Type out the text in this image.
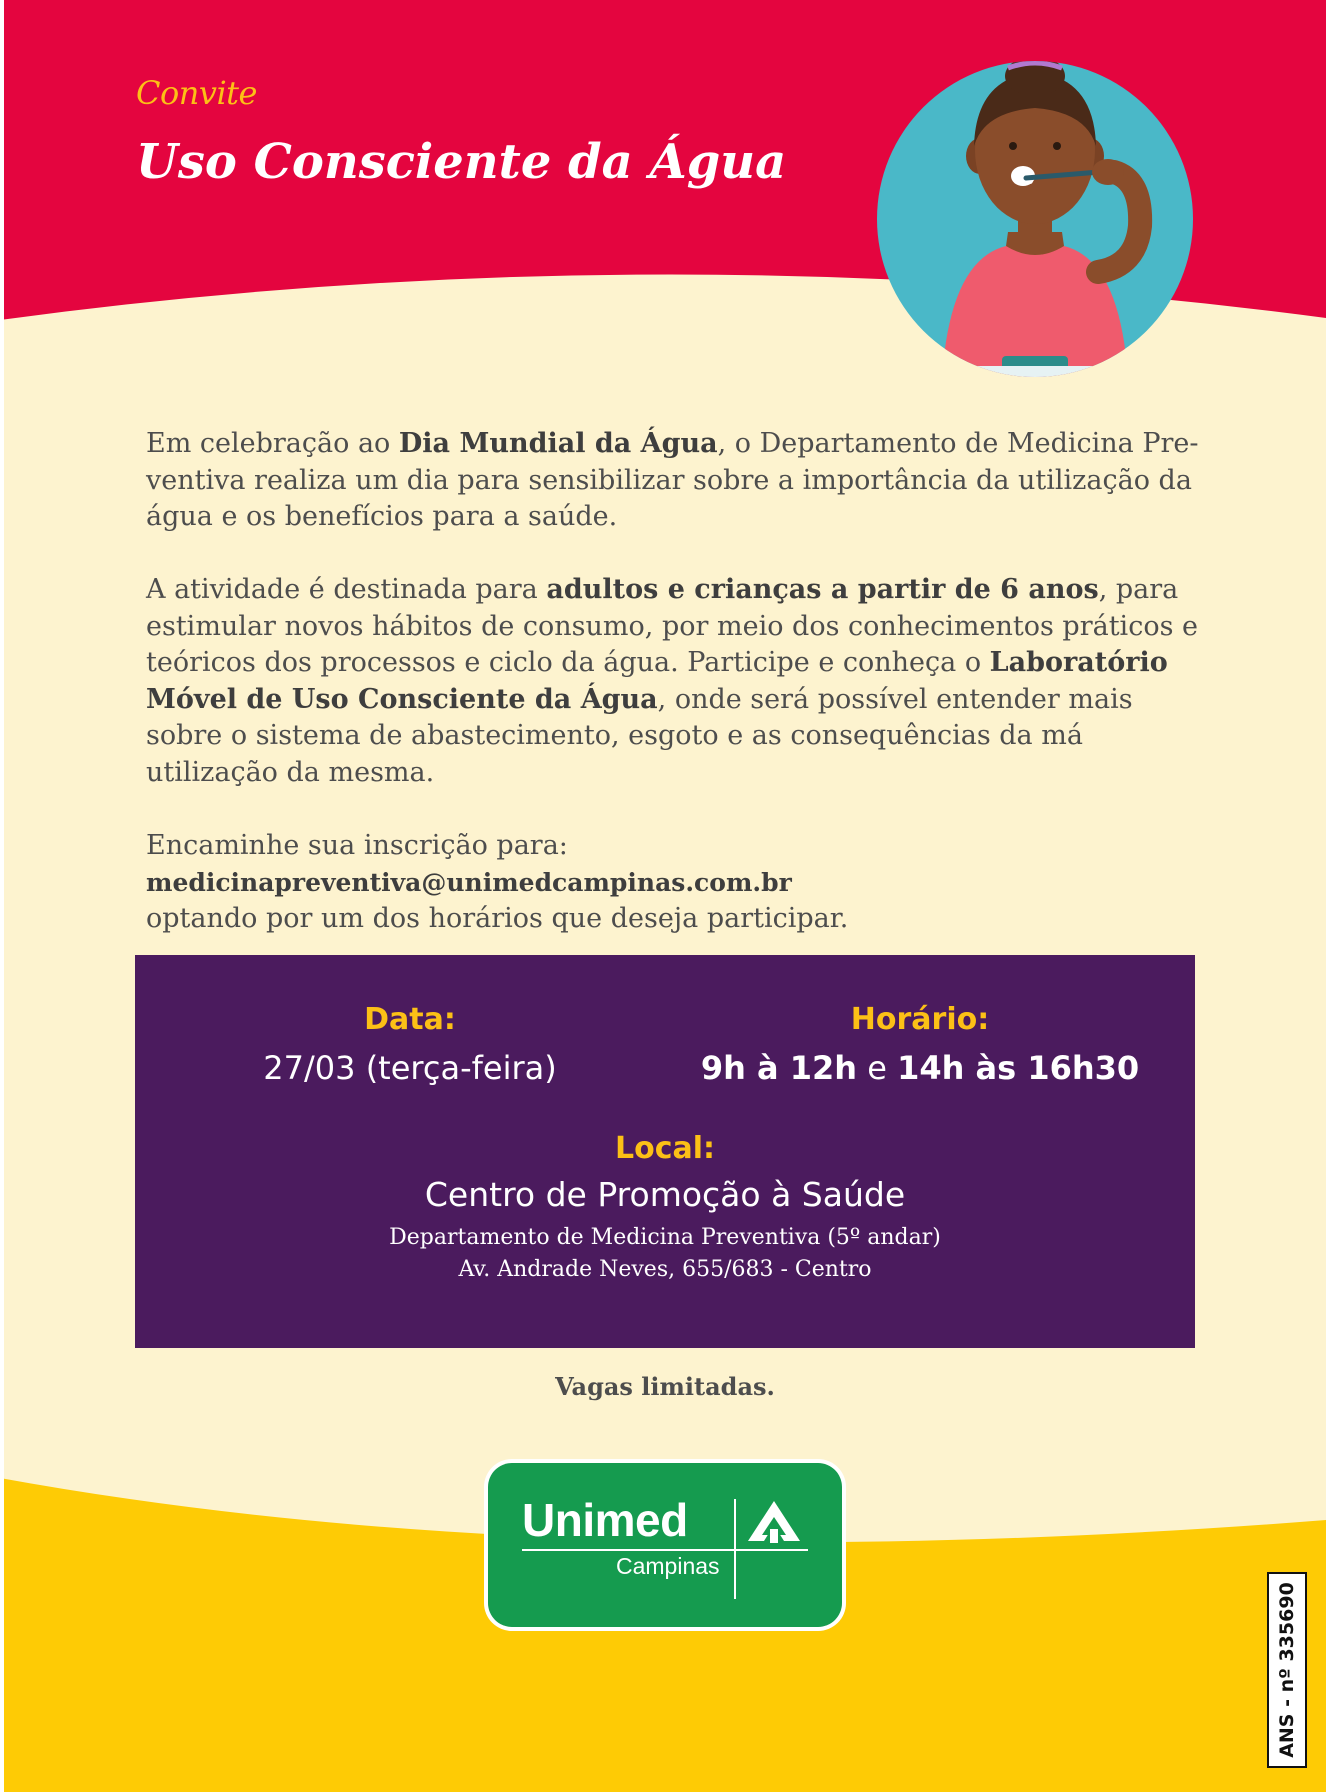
Convite
Uso Consciente da Água

Em celebração ao Dia Mundial da Água, o Departamento de Medicina Pre-ventiva realiza um dia para sensibilizar sobre a importância da utilização da água e os benefícios para a saúde.

A atividade é destinada para adultos e crianças a partir de 6 anos, para estimular novos hábitos de consumo, por meio dos conhecimentos práticos e teóricos dos processos e ciclo da água. Participe e conheça o Laboratório Móvel de Uso Consciente da Água, onde será possível entender mais sobre o sistema de abastecimento, esgoto e as consequências da má utilização da mesma.

Encaminhe sua inscrição para: medicinapreventiva@unimedcampinas.com.br
optando por um dos horários que deseja participar.

Data:
27/03 (terça-feira)
Horário:
9h à 12h e 14h às 16h30
Local:
Centro de Promoção à Saúde
Departamento de Medicina Preventiva (5º andar)
Av. Andrade Neves, 655/683 - Centro
Vagas limitadas.
Unimed
Campinas
ANS - nº 335690
